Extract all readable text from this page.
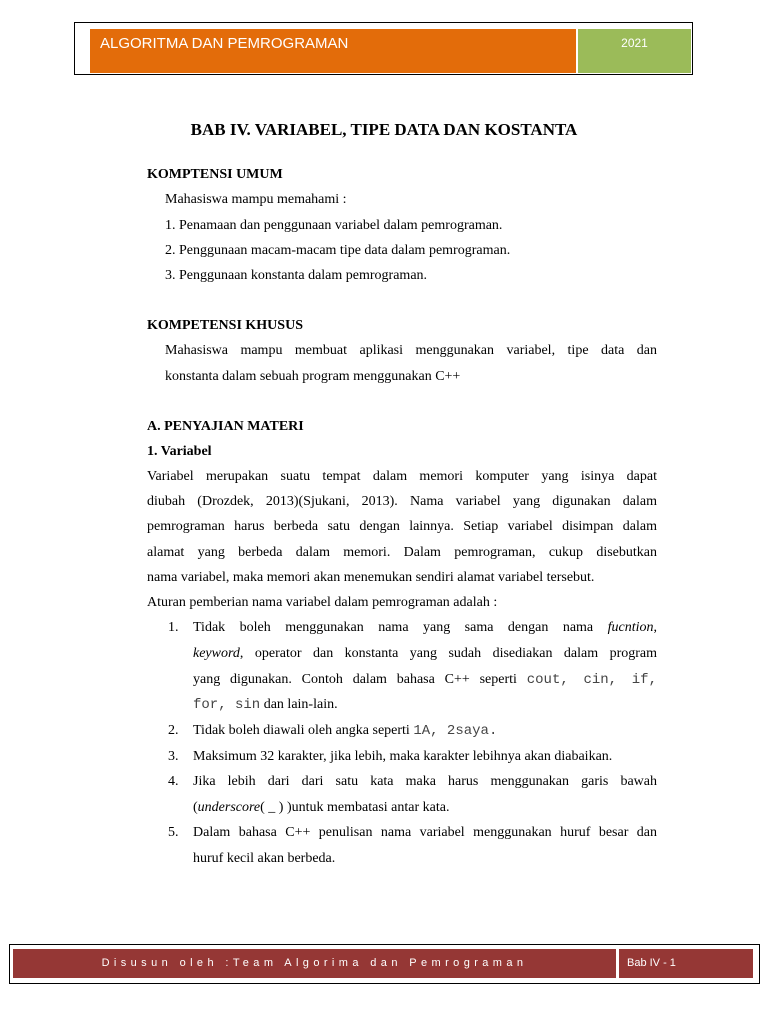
ALGORITMA DAN PEMROGRAMAN	2021
BAB IV. VARIABEL, TIPE DATA DAN KOSTANTA
KOMPTENSI UMUM
Mahasiswa mampu memahami :
1. Penamaan dan penggunaan variabel dalam pemrograman.
2. Penggunaan macam-macam tipe data dalam pemrograman.
3. Penggunaan konstanta dalam pemrograman.
KOMPETENSI KHUSUS
Mahasiswa mampu membuat aplikasi menggunakan variabel, tipe data dan
konstanta dalam sebuah program menggunakan C++
A. PENYAJIAN MATERI
1. Variabel
Variabel merupakan suatu tempat dalam memori komputer yang isinya dapat
diubah (Drozdek, 2013)(Sjukani, 2013). Nama variabel yang digunakan dalam
pemrograman harus berbeda satu dengan lainnya. Setiap variabel disimpan dalam
alamat yang berbeda dalam memori. Dalam pemrograman, cukup disebutkan
nama variabel, maka memori akan menemukan sendiri alamat variabel tersebut.
Aturan pemberian nama variabel dalam pemrograman adalah :
1. Tidak boleh menggunakan nama yang sama dengan nama fucntion,
keyword, operator dan konstanta yang sudah disediakan dalam program
yang digunakan. Contoh dalam bahasa C++ seperti cout, cin, if,
for, sin dan lain-lain.
2. Tidak boleh diawali oleh angka seperti 1A, 2saya.
3. Maksimum 32 karakter, jika lebih, maka karakter lebihnya akan diabaikan.
4. Jika lebih dari dari satu kata maka harus menggunakan garis bawah
(underscore( _ ) )untuk membatasi antar kata.
5. Dalam bahasa C++ penulisan nama variabel menggunakan huruf besar dan
huruf kecil akan berbeda.
Disusun oleh :Team Algorima dan Pemrograman	Bab IV - 1
